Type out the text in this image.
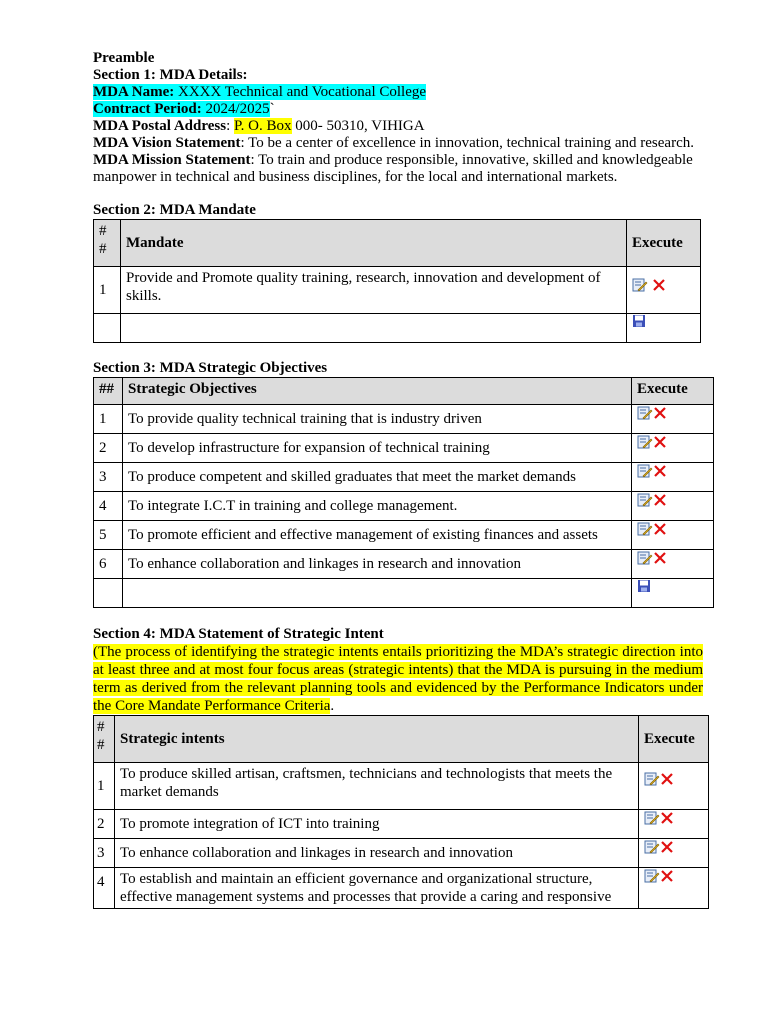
Preamble
Section 1: MDA Details:
MDA Name: XXXX Technical and Vocational College
Contract Period: 2024/2025`
MDA Postal Address: P. O. Box 000- 50310, VIHIGA
MDA Vision Statement: To be a center of excellence in innovation, technical training and research.
MDA Mission Statement: To train and produce responsible, innovative, skilled and knowledgeable manpower in technical and business disciplines, for the local and international markets.
Section 2: MDA Mandate
#
#	Mandate	Execute
1	Provide and Promote quality training, research, innovation and development of skills.	

Section 3: MDA Strategic Objectives
##	Strategic Objectives	Execute
1	To provide quality technical training that is industry driven	
2	To develop infrastructure for expansion of technical training	
3	To produce competent and skilled graduates that meet the market demands	
4	To integrate I.C.T in training and college management.	
5	To promote efficient and effective management of existing finances and assets	
6	To enhance collaboration and linkages in research and innovation	

Section 4: MDA Statement of Strategic Intent
(The process of identifying the strategic intents entails prioritizing the MDA’s strategic direction into at least three and at most four focus areas (strategic intents) that the MDA is pursuing in the medium term as derived from the relevant planning tools and evidenced by the Performance Indicators under the Core Mandate Performance Criteria.
#
#	Strategic intents	Execute
1	To produce skilled artisan, craftsmen, technicians and technologists that meets the market demands	
2	To promote integration of ICT into training	
3	To enhance collaboration and linkages in research and innovation	
4	To establish and maintain an efficient governance and organizational structure, effective management systems and processes that provide a caring and responsive	
